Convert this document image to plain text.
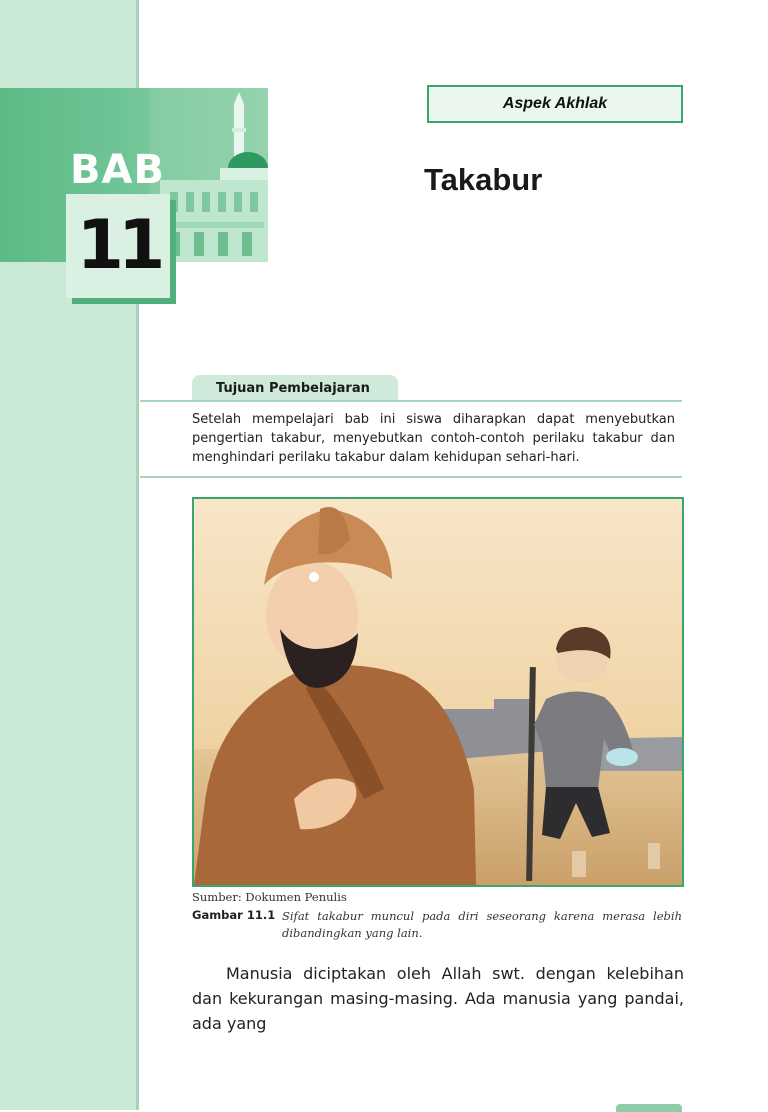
BAB
11
Aspek Akhlak
Takabur
Tujuan Pembelajaran

Setelah mempelajari bab ini siswa diharapkan dapat menyebutkan pengertian takabur, menyebutkan contoh-contoh perilaku takabur dan menghindari perilaku takabur dalam kehidupan sehari-hari.

Sumber: Dokumen Penulis

Gambar 11.1 Sifat takabur muncul pada diri seseorang karena merasa lebih dibandingkan yang lain.

Manusia diciptakan oleh Allah swt. dengan kelebihan dan kekurangan masing-masing. Ada manusia yang pandai, ada yang
